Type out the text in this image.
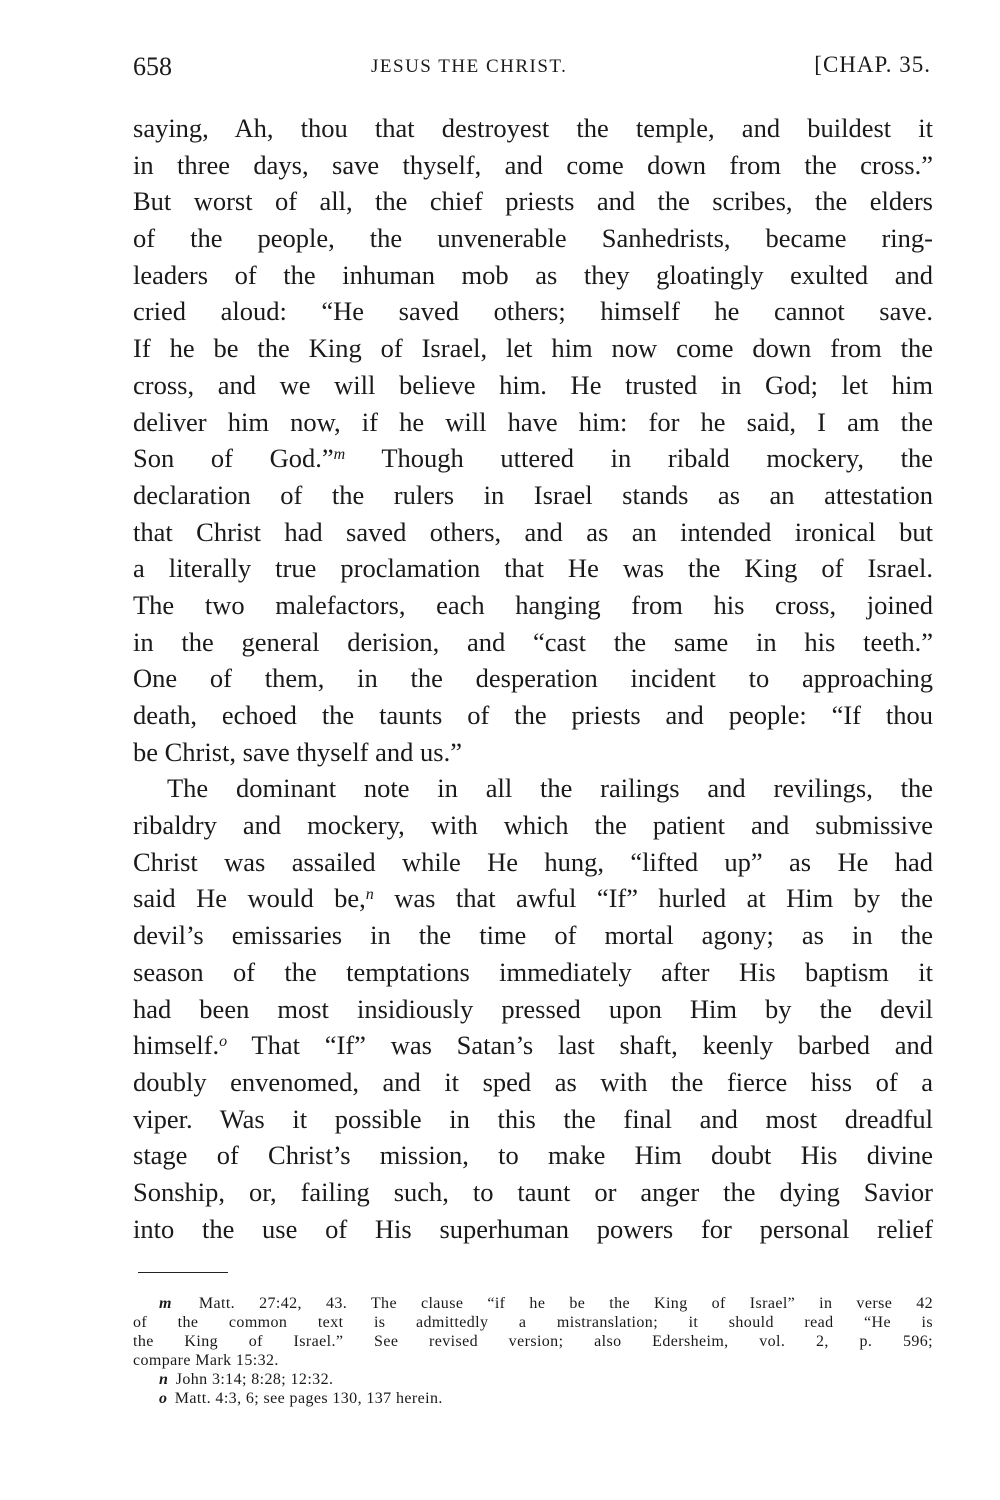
658	JESUS THE CHRIST.	[CHAP. 35.
saying, Ah, thou that destroyest the temple, and buildest it
in three days, save thyself, and come down from the cross.”
But worst of all, the chief priests and the scribes, the elders
of the people, the unvenerable Sanhedrists, became ring-
leaders of the inhuman mob as they gloatingly exulted and
cried aloud: “He saved others; himself he cannot save.
If he be the King of Israel, let him now come down from the
cross, and we will believe him. He trusted in God; let him
deliver him now, if he will have him: for he said, I am the
Son of God.”$^m$ Though uttered in ribald mockery, the
declaration of the rulers in Israel stands as an attestation
that Christ had saved others, and as an intended ironical but
a literally true proclamation that He was the King of Israel.
The two malefactors, each hanging from his cross, joined
in the general derision, and “cast the same in his teeth.”
One of them, in the desperation incident to approaching
death, echoed the taunts of the priests and people: “If thou
be Christ, save thyself and us.”
The dominant note in all the railings and revilings, the
ribaldry and mockery, with which the patient and submissive
Christ was assailed while He hung, “lifted up” as He had
said He would be,$^n$ was that awful “If” hurled at Him by the
devil’s emissaries in the time of mortal agony; as in the
season of the temptations immediately after His baptism it
had been most insidiously pressed upon Him by the devil
himself.$^o$ That “If” was Satan’s last shaft, keenly barbed and
doubly envenomed, and it sped as with the fierce hiss of a
viper. Was it possible in this the final and most dreadful
stage of Christ’s mission, to make Him doubt His divine
Sonship, or, failing such, to taunt or anger the dying Savior
into the use of His superhuman powers for personal relief
m Matt. 27:42, 43. The clause “if he be the King of Israel” in verse 42
of the common text is admittedly a mistranslation; it should read “He is
the King of Israel.” See revised version; also Edersheim, vol. 2, p. 596;
compare Mark 15:32.
n John 3:14; 8:28; 12:32.
o Matt. 4:3, 6; see pages 130, 137 herein.
